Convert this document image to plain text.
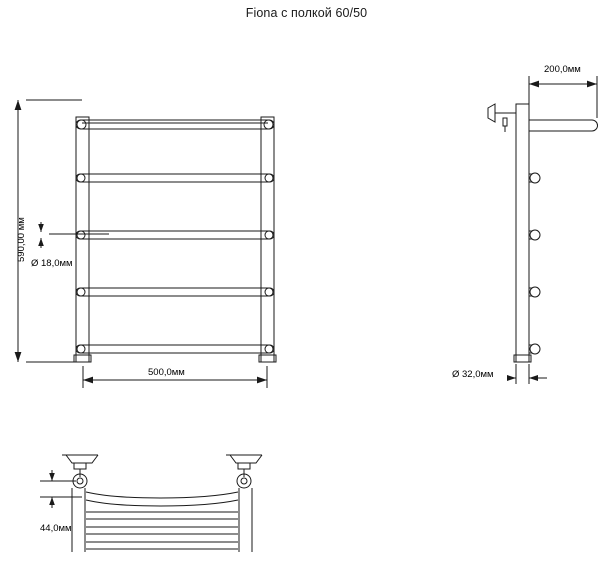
Fiona с полкой 60/50
590,00 мм
Ø 18,0мм
500,0мм
200,0мм
Ø 32,0мм
44,0мм
